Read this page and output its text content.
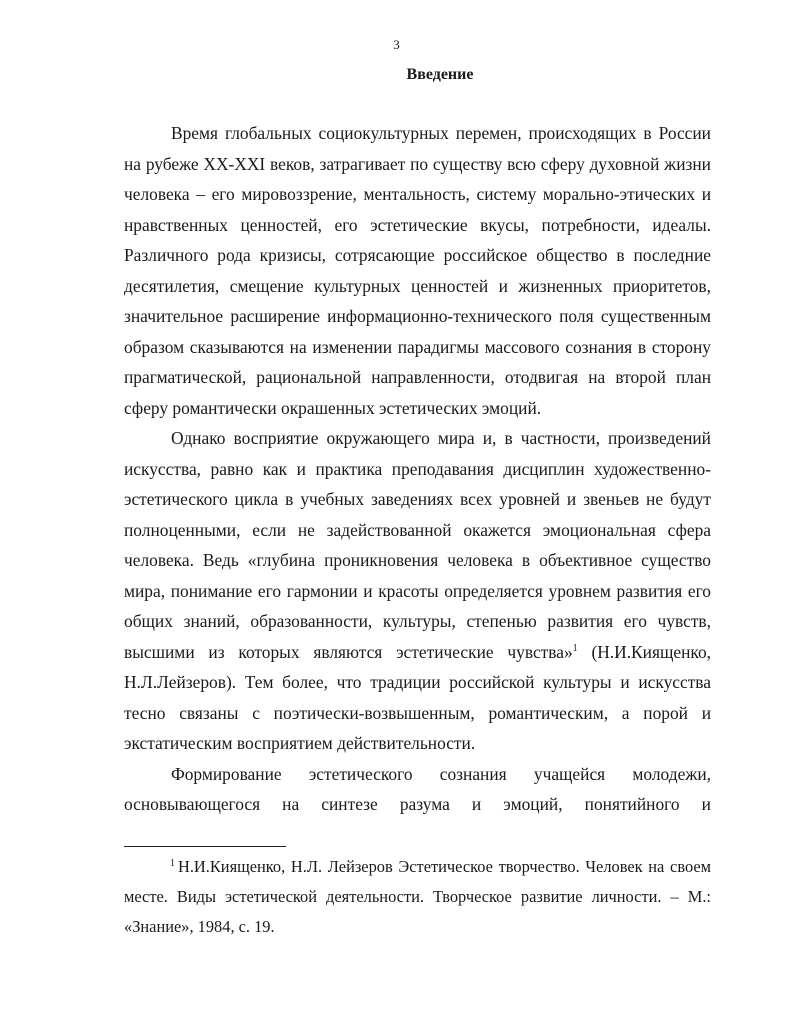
3
Введение

Время глобальных социокультурных перемен, происходящих в России на рубеже XX-XXI веков, затрагивает по существу всю сферу духовной жизни человека – его мировоззрение, ментальность, систему морально-этических и нравственных ценностей, его эстетические вкусы, потребности, идеалы. Различного рода кризисы, сотрясающие российское общество в последние десятилетия, смещение культурных ценностей и жизненных приоритетов, значительное расширение информационно-технического поля существенным образом сказываются на изменении парадигмы массового сознания в сторону прагматической, рациональной направленности, отодвигая на второй план сферу романтически окрашенных эстетических эмоций.

Однако восприятие окружающего мира и, в частности, произведений искусства, равно как и практика преподавания дисциплин художественно-эстетического цикла в учебных заведениях всех уровней и звеньев не будут полноценными, если не задействованной окажется эмоциональная сфера человека. Ведь «глубина проникновения человека в объективное существо мира, понимание его гармонии и красоты определяется уровнем развития его общих знаний, образованности, культуры, степенью развития его чувств, высшими из которых являются эстетические чувства»$^1$ (Н.И.Киященко, Н.Л.Лейзеров). Тем более, что традиции российской культуры и искусства тесно связаны с поэтически-возвышенным, романтическим, а порой и экстатическим восприятием действительности.

Формирование эстетического сознания учащейся молодежи,

основывающегося на синтезе разума и эмоций, понятийного и

$^1$ Н.И.Киященко, Н.Л. Лейзеров Эстетическое творчество. Человек на своем месте. Виды эстетической деятельности. Творческое развитие личности. – М.: «Знание», 1984, с. 19.
